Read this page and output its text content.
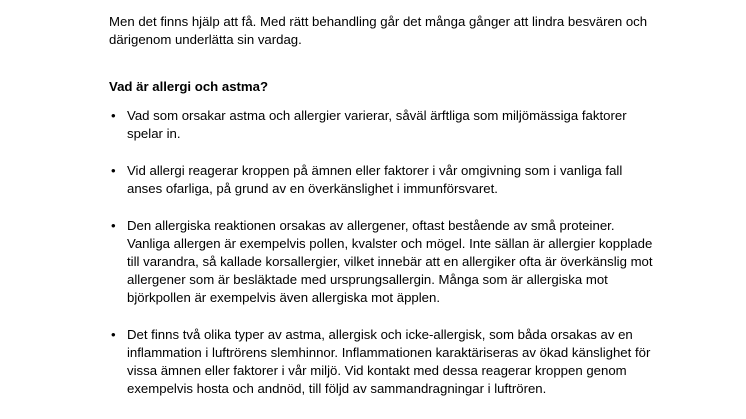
Men det finns hjälp att få. Med rätt behandling går det många gånger att lindra besvären och därigenom underlätta sin vardag.

Vad är allergi och astma?

• Vad som orsakar astma och allergier varierar, såväl ärftliga som miljömässiga faktorer spelar in.
• Vid allergi reagerar kroppen på ämnen eller faktorer i vår omgivning som i vanliga fall anses ofarliga, på grund av en överkänslighet i immunförsvaret.
• Den allergiska reaktionen orsakas av allergener, oftast bestående av små proteiner. Vanliga allergen är exempelvis pollen, kvalster och mögel. Inte sällan är allergier kopplade till varandra, så kallade korsallergier, vilket innebär att en allergiker ofta är överkänslig mot allergener som är besläktade med ursprungsallergin. Många som är allergiska mot björkpollen är exempelvis även allergiska mot äpplen.
• Det finns två olika typer av astma, allergisk och icke-allergisk, som båda orsakas av en inflammation i luftrörens slemhinnor. Inflammationen karaktäriseras av ökad känslighet för vissa ämnen eller faktorer i vår miljö. Vid kontakt med dessa reagerar kroppen genom exempelvis hosta och andnöd, till följd av sammandragningar i luftrören.
